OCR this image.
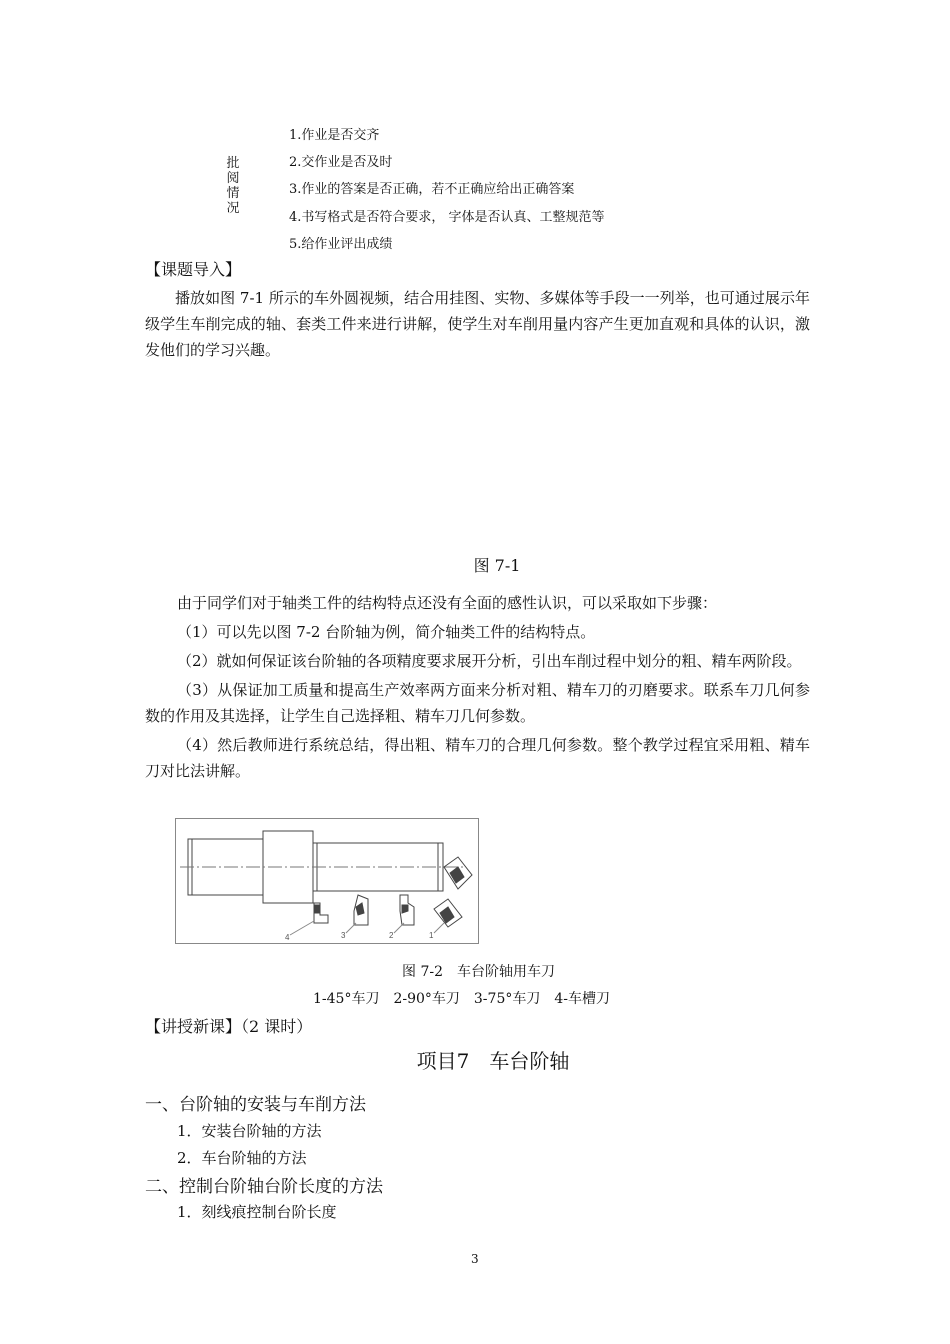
批阅情况
1.作业是否交齐
2.交作业是否及时
3.作业的答案是否正确，若不正确应给出正确答案
4.书写格式是否符合要求， 字体是否认真、工整规范等
5.给作业评出成绩
【课题导入】

播放如图 7-1 所示的车外圆视频，结合用挂图、实物、多媒体等手段一一列举，也可通过展示年级学生车削完成的轴、套类工件来进行讲解，使学生对车削用量内容产生更加直观和具体的认识，激发他们的学习兴趣。

图 7-1

由于同学们对于轴类工件的结构特点还没有全面的感性认识，可以采取如下步骤：

（1）可以先以图 7-2 台阶轴为例，简介轴类工件的结构特点。

（2）就如何保证该台阶轴的各项精度要求展开分析，引出车削过程中划分的粗、精车两阶段。

（3）从保证加工质量和提高生产效率两方面来分析对粗、精车刀的刃磨要求。联系车刀几何参数的作用及其选择，让学生自己选择粗、精车刀几何参数。

（4）然后教师进行系统总结，得出粗、精车刀的合理几何参数。整个教学过程宜采用粗、精车刀对比法讲解。

4	3	2	1
图 7-2　车台阶轴用车刀
1-45°车刀　2-90°车刀　3-75°车刀　4-车槽刀
【讲授新课】（2 课时）
项目7　车台阶轴
一、台阶轴的安装与车削方法
1．安装台阶轴的方法
2．车台阶轴的方法
二、控制台阶轴台阶长度的方法
1．刻线痕控制台阶长度
3
